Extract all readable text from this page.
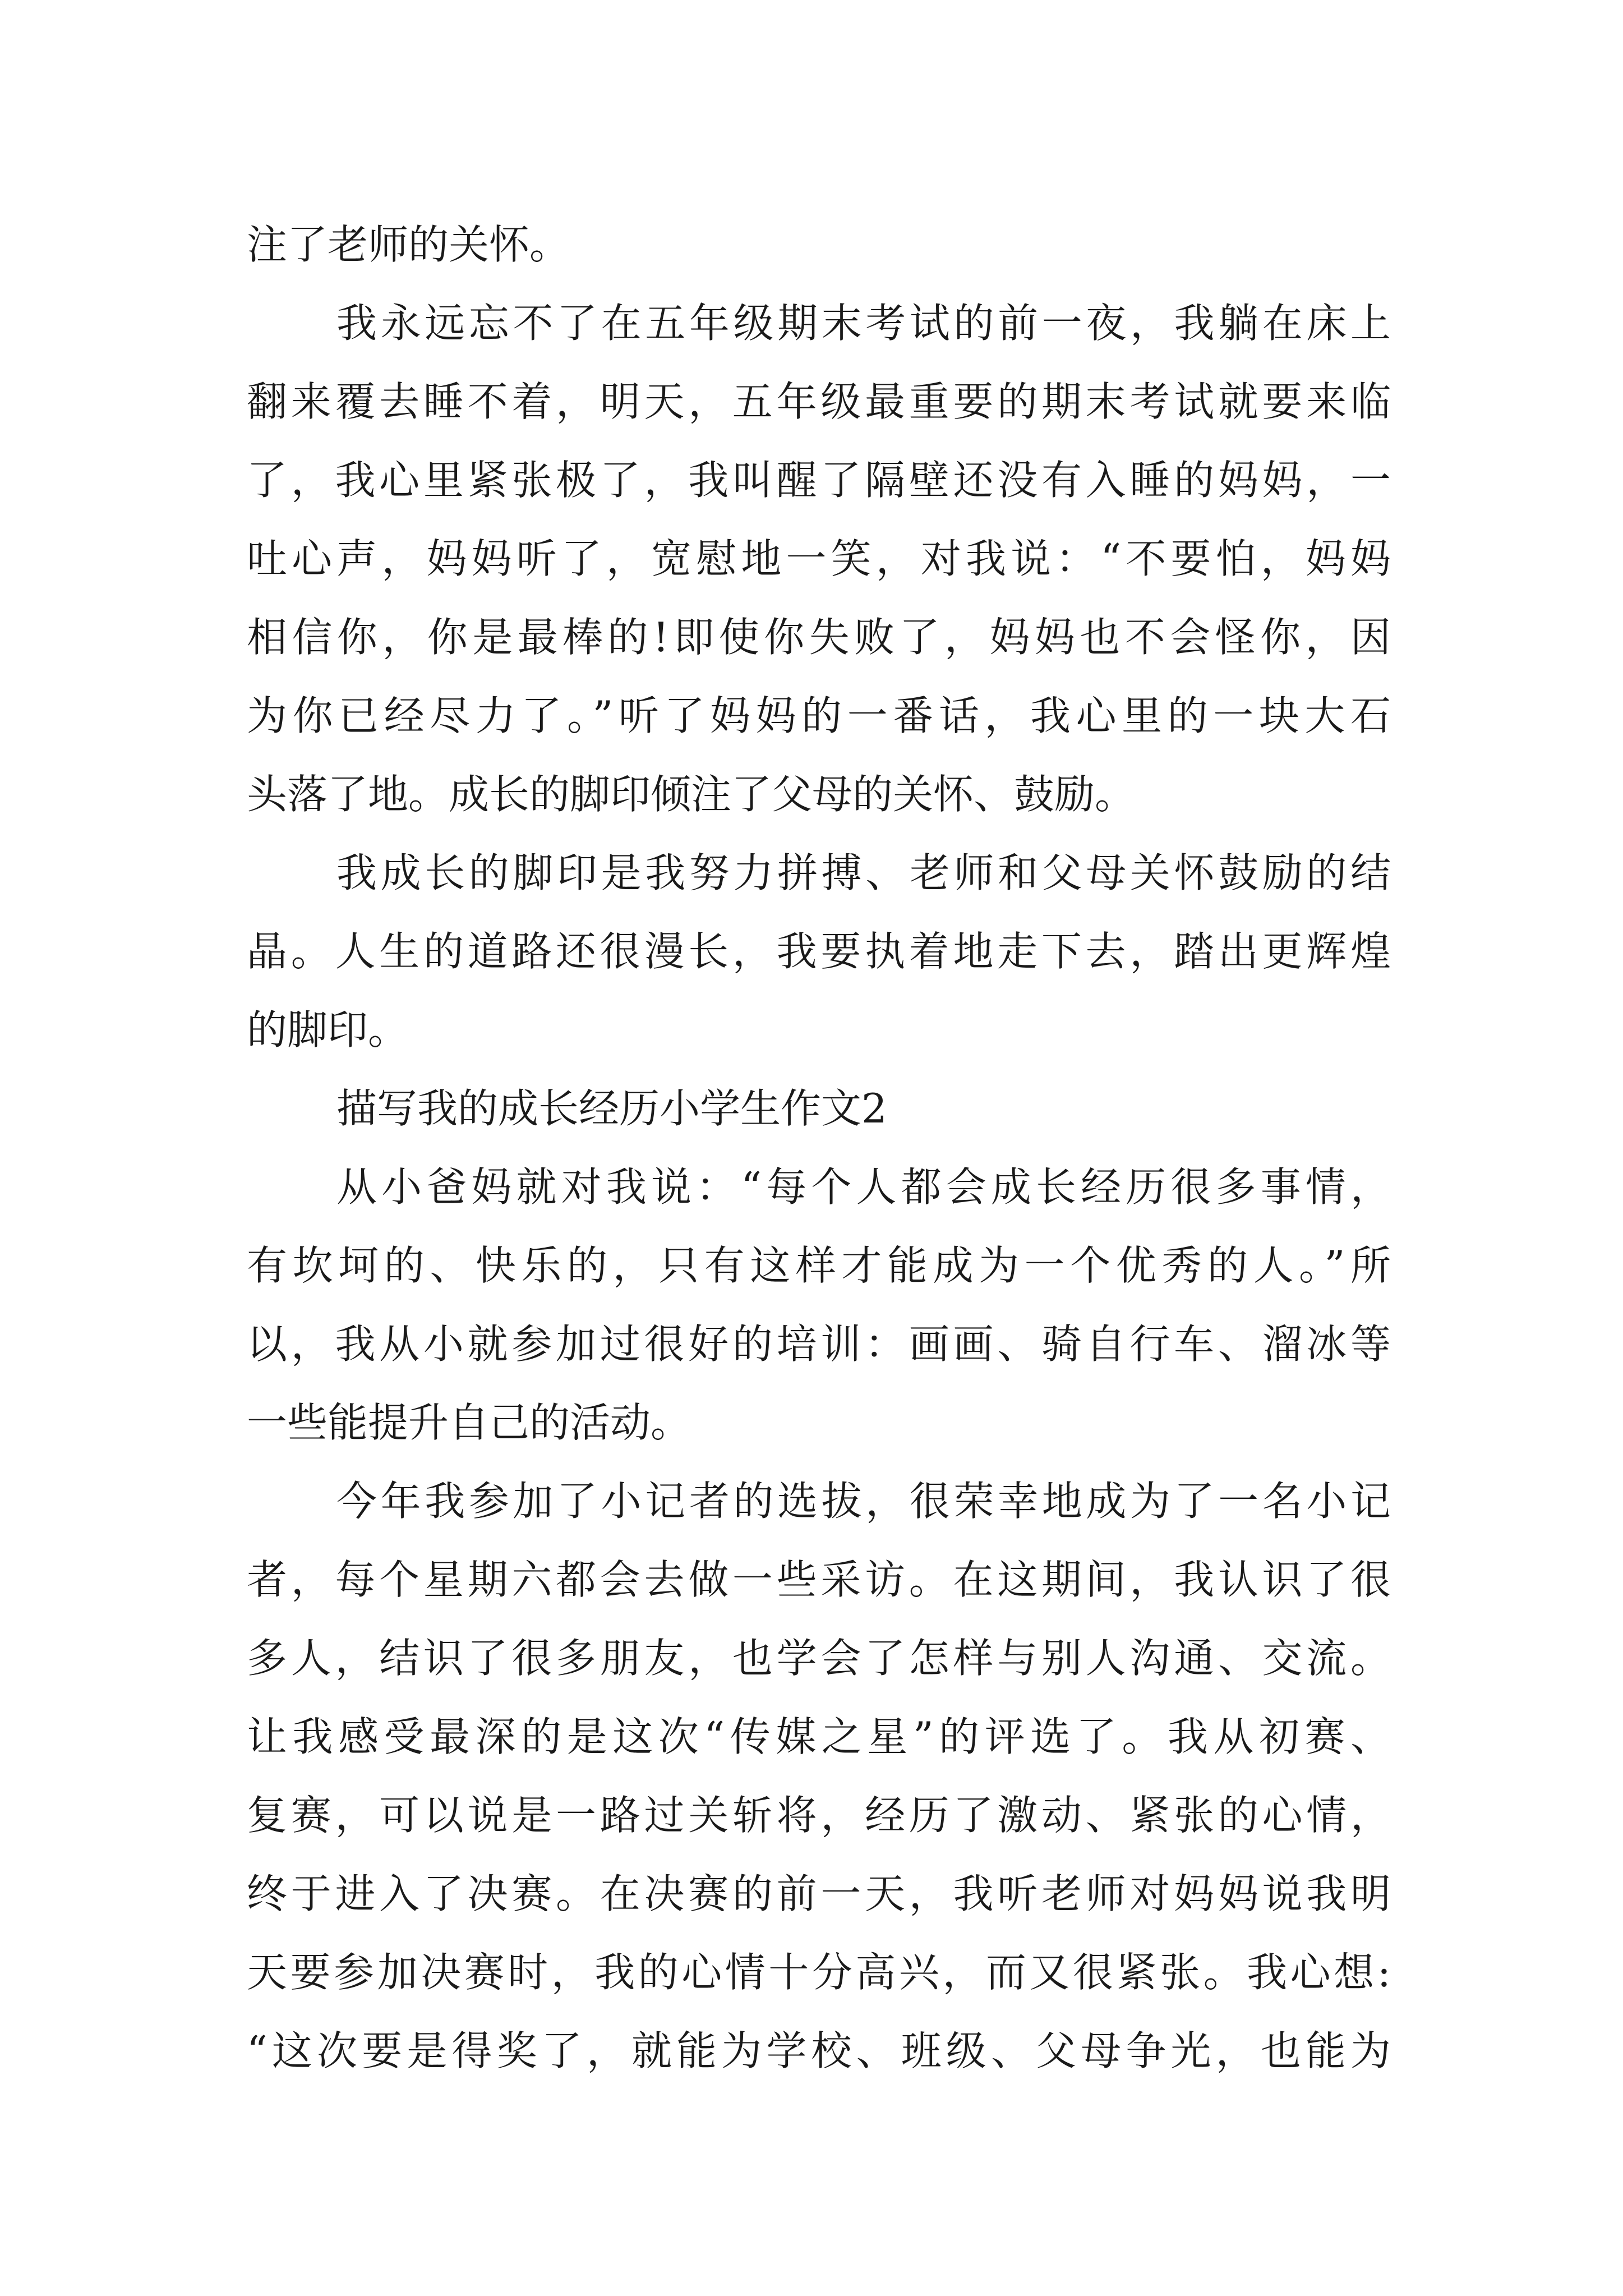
注了老师的关怀。
我永远忘不了在五年级期末考试的前一夜，我躺在床上
翻来覆去睡不着，明天，五年级最重要的期末考试就要来临
了，我心里紧张极了，我叫醒了隔壁还没有入睡的妈妈，一
吐心声，妈妈听了，宽慰地一笑，对我说：“不要怕，妈妈
相信你，你是最棒的!即使你失败了，妈妈也不会怪你，因
为你已经尽力了。”听了妈妈的一番话，我心里的一块大石
头落了地。成长的脚印倾注了父母的关怀、鼓励。
我成长的脚印是我努力拼搏、老师和父母关怀鼓励的结
晶。人生的道路还很漫长，我要执着地走下去，踏出更辉煌
的脚印。
描写我的成长经历小学生作文2
从小爸妈就对我说：“每个人都会成长经历很多事情，
有坎坷的、快乐的，只有这样才能成为一个优秀的人。”所
以，我从小就参加过很好的培训：画画、骑自行车、溜冰等
一些能提升自己的活动。
今年我参加了小记者的选拔，很荣幸地成为了一名小记
者，每个星期六都会去做一些采访。在这期间，我认识了很
多人，结识了很多朋友，也学会了怎样与别人沟通、交流。
让我感受最深的是这次“传媒之星”的评选了。我从初赛、
复赛，可以说是一路过关斩将，经历了激动、紧张的心情，
终于进入了决赛。在决赛的前一天，我听老师对妈妈说我明
天要参加决赛时，我的心情十分高兴，而又很紧张。我心想:
“这次要是得奖了，就能为学校、班级、父母争光，也能为
